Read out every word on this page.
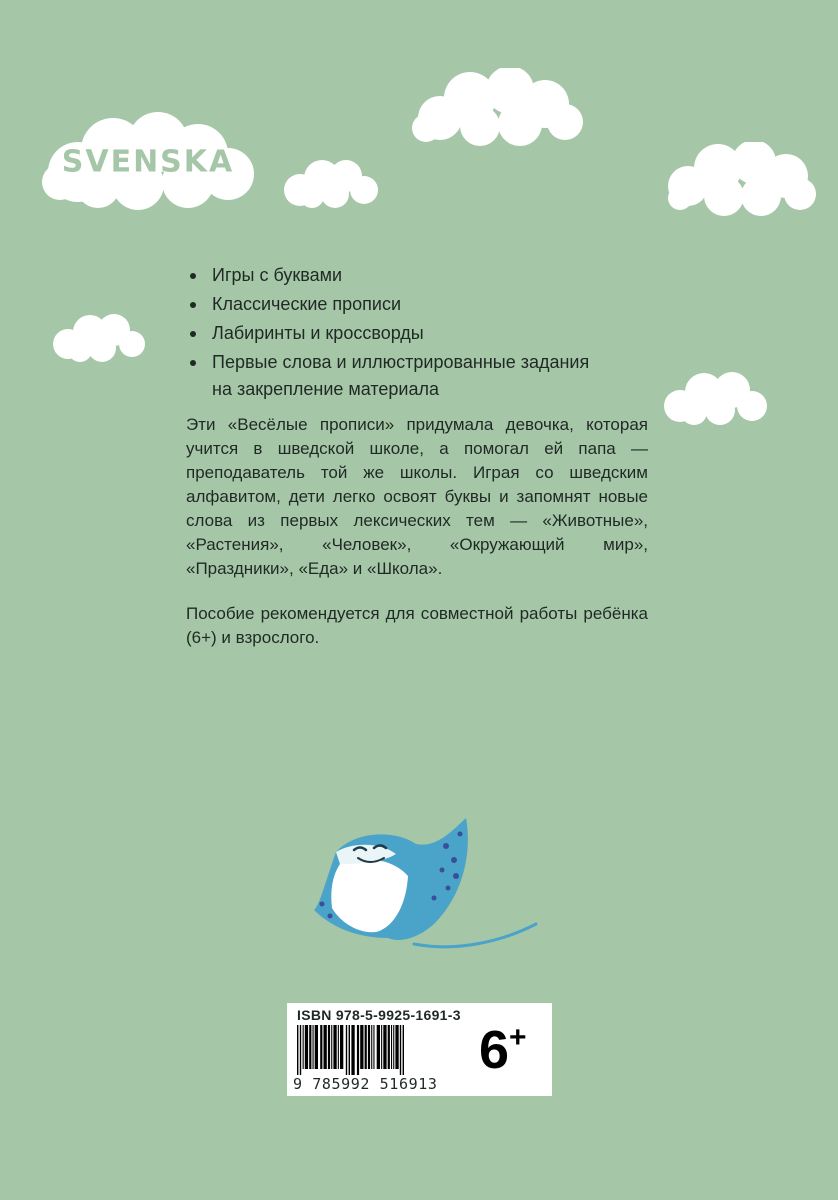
SVENSKA
Игры с буквами
Классические прописи
Лабиринты и кроссворды
Первые слова и иллюстрированные задания на закрепление материала

Эти «Весёлые прописи» придумала девочка, которая учится в шведской школе, а помогал ей папа — преподаватель той же школы. Играя со шведским алфавитом, дети легко освоят буквы и запомнят новые слова из первых лексических тем — «Животные», «Растения», «Человек», «Окружающий мир», «Праздники», «Еда» и «Школа».

Пособие рекомендуется для совместной работы ребёнка (6+) и взрослого.

ISBN 978-5-9925-1691-3
9 785992 516913
6+
